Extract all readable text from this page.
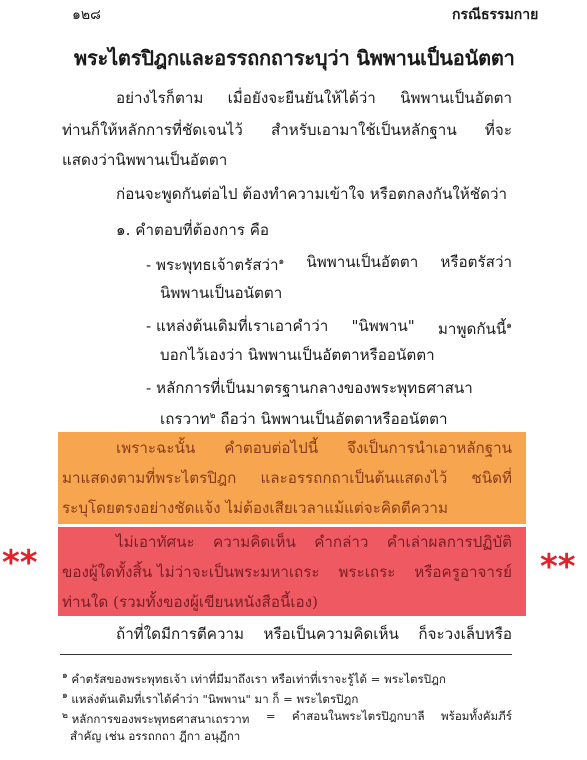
๑๒๘	กรณีธรรมกาย
พระไตรปิฎกและอรรถกถาระบุว่า นิพพานเป็นอนัตตา
อย่างไรก็ตาม เมื่อยังจะยืนยันให้ได้ว่า นิพพานเป็นอัตตา
ท่านก็ให้หลักการที่ชัดเจนไว้ สำหรับเอามาใช้เป็นหลักฐาน ที่จะ
แสดงว่านิพพานเป็นอัตตา
ก่อนจะพูดกันต่อไป ต้องทำความเข้าใจ หรือตกลงกันให้ชัดว่า
๑. คำตอบที่ต้องการ คือ
- พระพุทธเจ้าตรัสว่า$^๑$ นิพพานเป็นอัตตา หรือตรัสว่า
นิพพานเป็นอนัตตา
- แหล่งต้นเดิมที่เราเอาคำว่า "นิพพาน" มาพูดกันนี้$^๑$
บอกไว้เองว่า นิพพานเป็นอัตตาหรืออนัตตา
- หลักการที่เป็นมาตรฐานกลางของพระพุทธศาสนา
เถรวาท$^๒$ ถือว่า นิพพานเป็นอัตตาหรืออนัตตา
เพราะฉะนั้น คำตอบต่อไปนี้ จึงเป็นการนำเอาหลักฐาน
มาแสดงตามที่พระไตรปิฎก และอรรถกถาเป็นต้นแสดงไว้ ชนิดที่
ระบุโดยตรงอย่างชัดแจ้ง ไม่ต้องเสียเวลาแม้แต่จะคิดตีความ
ไม่เอาทัศนะ ความคิดเห็น คำกล่าว คำเล่าผลการปฏิบัติ
ของผู้ใดทั้งสิ้น ไม่ว่าจะเป็นพระมหาเถระ พระเถระ หรือครูอาจารย์
ท่านใด (รวมทั้งของผู้เขียนหนังสือนี้เอง)
**	**
ถ้าที่ใดมีการตีความ หรือเป็นความคิดเห็น ก็จะวงเล็บหรือ
$^๑$ คำตรัสของพระพุทธเจ้า เท่าที่มีมาถึงเรา หรือเท่าที่เราจะรู้ได้ = พระไตรปิฎก
$^๑$ แหล่งต้นเดิมที่เราได้คำว่า "นิพพาน" มา ก็ = พระไตรปิฎก
$^๒$ หลักการของพระพุทธศาสนาเถรวาท = คำสอนในพระไตรปิฎกบาลี พร้อมทั้งคัมภีร์
สำคัญ เช่น อรรถกถา ฎีกา อนุฎีกา
